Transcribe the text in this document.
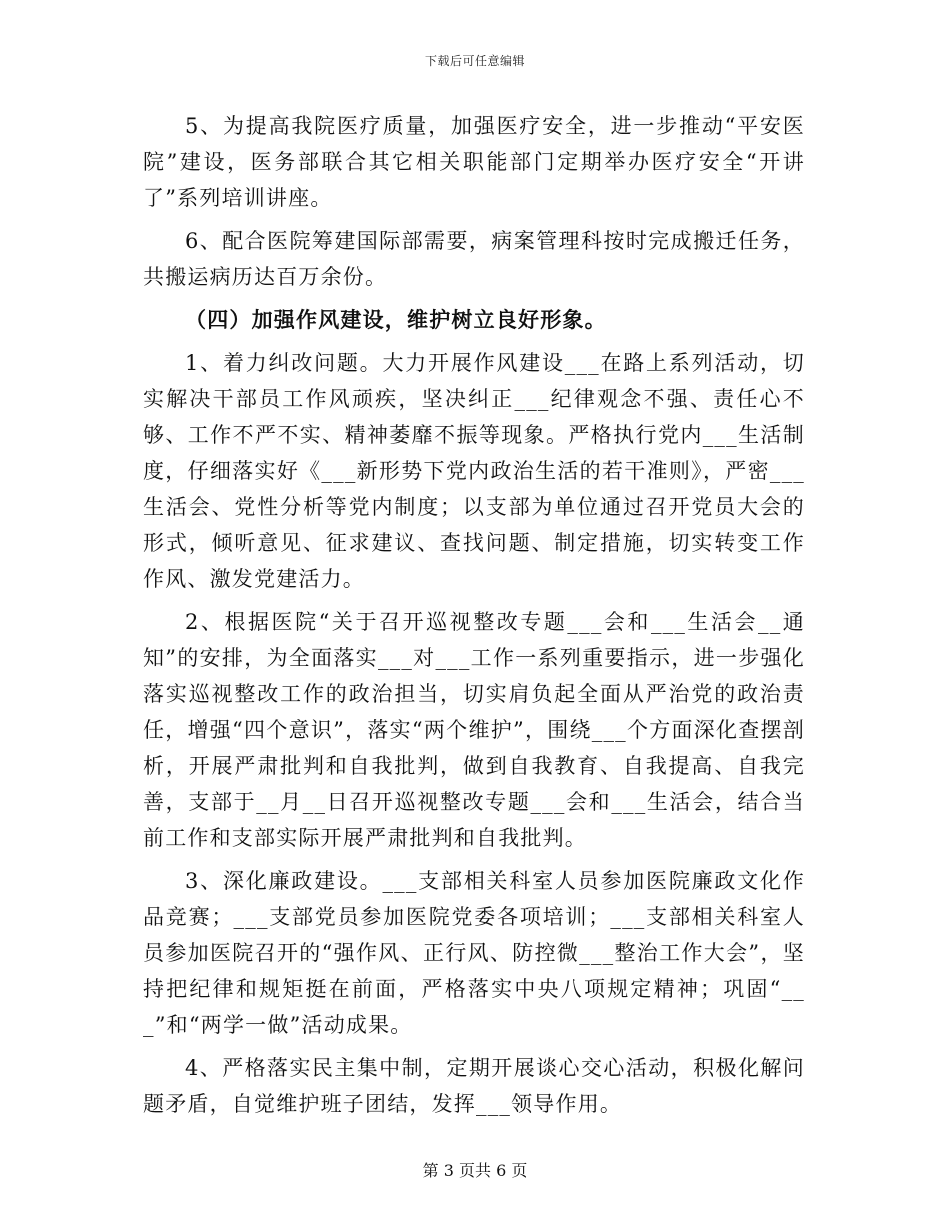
下载后可任意编辑

5、为提高我院医疗质量，加强医疗安全，进一步推动“平安医院”建设，医务部联合其它相关职能部门定期举办医疗安全“开讲了”系列培训讲座。

6、配合医院筹建国际部需要，病案管理科按时完成搬迁任务，共搬运病历达百万余份。

（四）加强作风建设，维护树立良好形象。

1、着力纠改问题。大力开展作风建设___在路上系列活动，切实解决干部员工作风顽疾，坚决纠正___纪律观念不强、责任心不够、工作不严不实、精神萎靡不振等现象。严格执行党内___生活制度，仔细落实好《___新形势下党内政治生活的若干准则》，严密___生活会、党性分析等党内制度；以支部为单位通过召开党员大会的形式，倾听意见、征求建议、查找问题、制定措施，切实转变工作作风、激发党建活力。

2、根据医院“关于召开巡视整改专题___会和___生活会__通知”的安排，为全面落实___对___工作一系列重要指示，进一步强化落实巡视整改工作的政治担当，切实肩负起全面从严治党的政治责任，增强“四个意识”，落实“两个维护”，围绕___个方面深化查摆剖析，开展严肃批判和自我批判，做到自我教育、自我提高、自我完善，支部于__月__日召开巡视整改专题___会和___生活会，结合当前工作和支部实际开展严肃批判和自我批判。

3、深化廉政建设。___支部相关科室人员参加医院廉政文化作品竞赛；___支部党员参加医院党委各项培训；___支部相关科室人员参加医院召开的“强作风、正行风、防控微___整治工作大会”，坚持把纪律和规矩挺在前面，严格落实中央八项规定精神；巩固“___”和“两学一做”活动成果。

4、严格落实民主集中制，定期开展谈心交心活动，积极化解问题矛盾，自觉维护班子团结，发挥___领导作用。

第 3 页共 6 页
